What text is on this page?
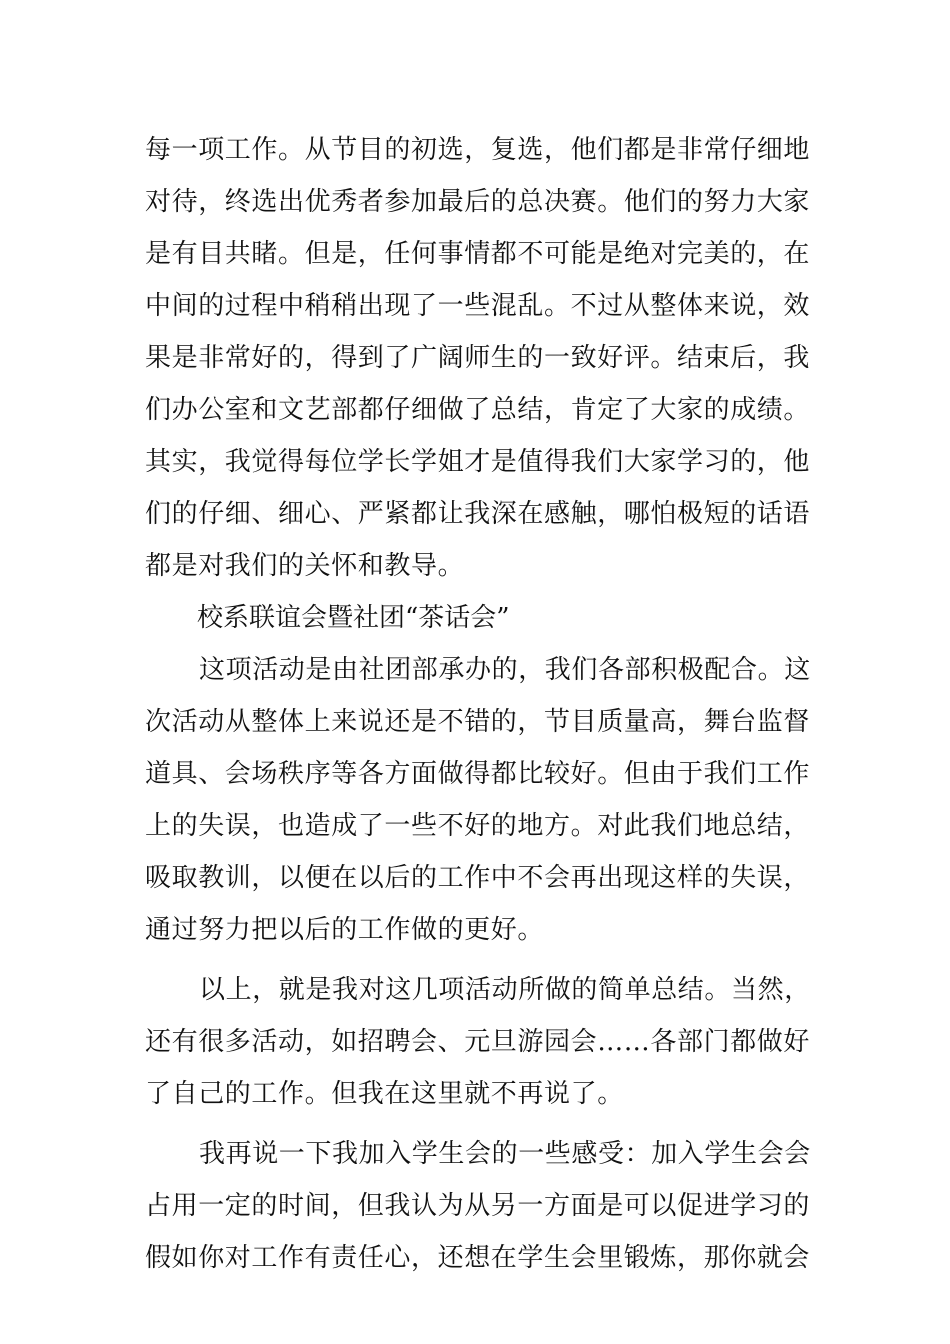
每一项工作。从节目的初选，复选，他们都是非常仔细地
对待，终选出优秀者参加最后的总决赛。他们的努力大家
是有目共睹。但是，任何事情都不可能是绝对完美的，在
中间的过程中稍稍出现了一些混乱。不过从整体来说，效
果是非常好的，得到了广阔师生的一致好评。结束后，我
们办公室和文艺部都仔细做了总结，肯定了大家的成绩。
其实，我觉得每位学长学姐才是值得我们大家学习的，他
们的仔细、细心、严紧都让我深在感触，哪怕极短的话语
都是对我们的关怀和教导。
校系联谊会暨社团“茶话会”
这项活动是由社团部承办的，我们各部积极配合。这
次活动从整体上来说还是不错的，节目质量高，舞台监督
道具、会场秩序等各方面做得都比较好。但由于我们工作
上的失误，也造成了一些不好的地方。对此我们地总结，
吸取教训，以便在以后的工作中不会再出现这样的失误，
通过努力把以后的工作做的更好。
以上，就是我对这几项活动所做的简单总结。当然，
还有很多活动，如招聘会、元旦游园会……各部门都做好
了自己的工作。但我在这里就不再说了。
我再说一下我加入学生会的一些感受：加入学生会会
占用一定的时间，但我认为从另一方面是可以促进学习的
假如你对工作有责任心，还想在学生会里锻炼，那你就会
